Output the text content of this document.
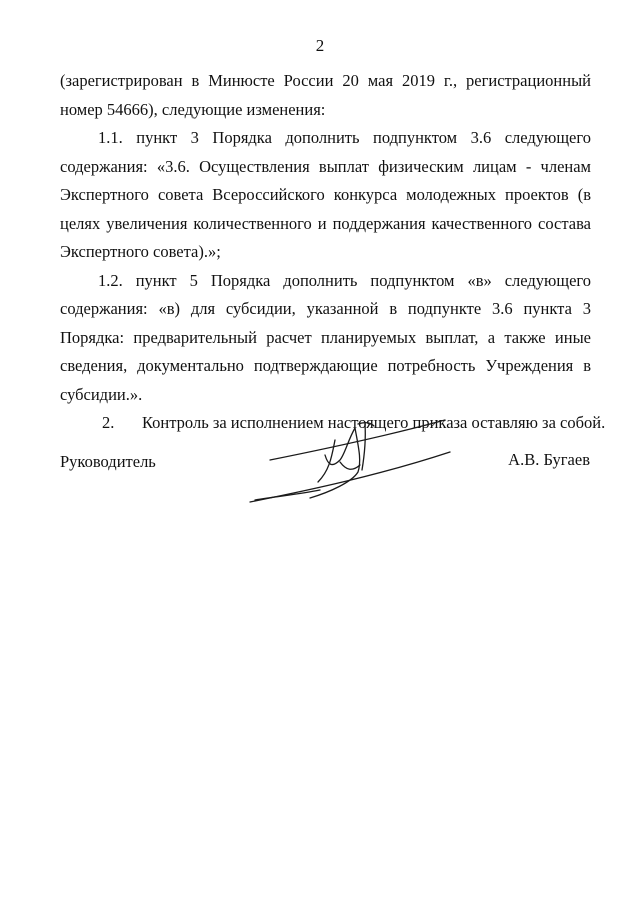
2

(зарегистрирован в Минюсте России 20 мая 2019 г., регистрационный номер 54666), следующие изменения:

1.1. пункт 3 Порядка дополнить подпунктом 3.6 следующего содержания: «3.6. Осуществления выплат физическим лицам - членам Экспертного совета Всероссийского конкурса молодежных проектов (в целях увеличения количественного и поддержания качественного состава Экспертного совета).»;

1.2. пункт 5 Порядка дополнить подпунктом «в» следующего содержания: «в) для субсидии, указанной в подпункте 3.6 пункта 3 Порядка: предварительный расчет планируемых выплат, а также иные сведения, документально подтверждающие потребность Учреждения в субсидии.».

2. Контроль за исполнением настоящего приказа оставляю за собой.

Руководитель	А.В. Бугаев
